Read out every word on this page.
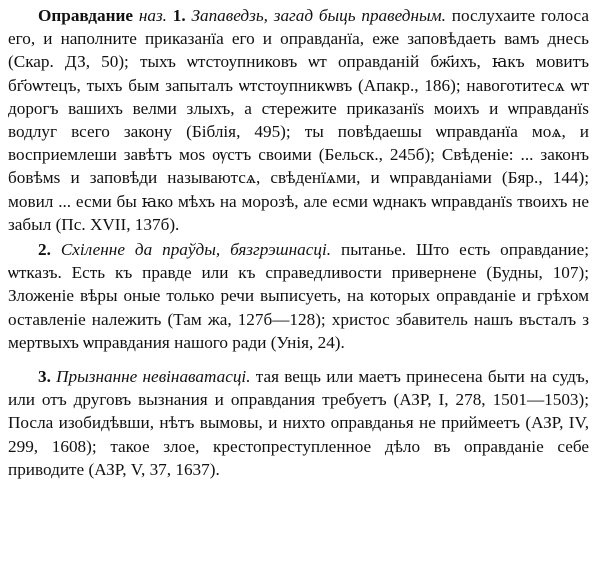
Оправдание наз. 1. Запаведзь, загад быць праведным. послухаите голоса его, и наполните приказанїа его и оправданїа, еже заповѣдаеть вамъ днесь (Скар. ДЗ, 50); тыхъ ѡтстоупниковъ ѡт оправданій бж҃ихъ, ꙗкъ мовитъ бг҃оѡтецъ, тыхъ бым запыталъ ѡтстоупникѡвъ (Апакр., 186); навоготитесѧ ѡт дорогъ вашихъ велми злыхъ, а стережите приказанїѕ моихъ и ѡправданїѕ водлуг всего закону (Біблія, 495); ты повѣдаешы ѡправданїа моѧ, и восприемлеши завѣтъ моѕ ѹстъ своими (Бельск., 245б); Свѣденіе: ... законъ бовѣмѕ и заповѣди называютсѧ, свѣденїѧми, и ѡправданіами (Бяр., 144); мовил ... есми бы ꙗко мѣхъ на морозѣ, але есми ѡднакъ ѡправданїѕ твоихъ не забыл (Пс. XVII, 137б).

2. Схіленне да праўды, бязгрэшнасці. пытанье. Што есть оправдание; ѡтказъ. Есть къ правде или къ справедливости привернене (Будны, 107); Зложеніе вѣры оные только речи выписуеть, на которых оправданіе и грѣхом оставленіе належить (Там жа, 127б—128); христос збавитель нашъ въсталъ з мертвыхъ ѡправдания нашого ради (Унія, 24).

3. Прызнанне невінаватасці. тая вещь или маетъ принесена быти на судъ, или отъ друговъ вызнания и оправдания требуетъ (АЗР, I, 278, 1501—1503); Посла изобидѣвши, нѣтъ вымовы, и нихто оправданья не приймеетъ (АЗР, IV, 299, 1608); такое злое, крестопреступленное дѣло въ оправданіе себе приводите (АЗР, V, 37, 1637).
